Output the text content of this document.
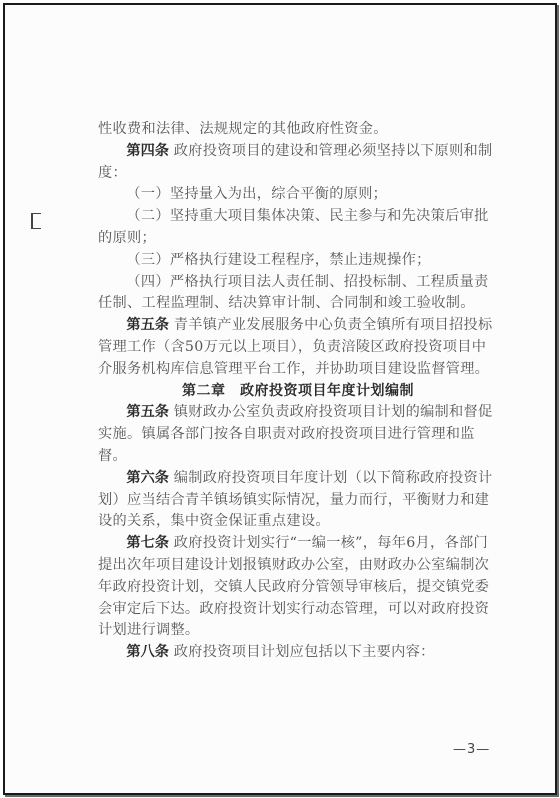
性收费和法律、法规规定的其他政府性资金。

第四条 政府投资项目的建设和管理必须坚持以下原则和制度：

（一）坚持量入为出，综合平衡的原则；

（二）坚持重大项目集体决策、民主参与和先决策后审批的原则；

（三）严格执行建设工程程序，禁止违规操作；

（四）严格执行项目法人责任制、招投标制、工程质量责任制、工程监理制、结决算审计制、合同制和竣工验收制。

第五条 青羊镇产业发展服务中心负责全镇所有项目招投标管理工作（含50万元以上项目），负责涪陵区政府投资项目中介服务机构库信息管理平台工作，并协助项目建设监督管理。

第二章　政府投资项目年度计划编制

第五条 镇财政办公室负责政府投资项目计划的编制和督促实施。镇属各部门按各自职责对政府投资项目进行管理和监督。

第六条 编制政府投资项目年度计划（以下简称政府投资计划）应当结合青羊镇场镇实际情况，量力而行，平衡财力和建设的关系，集中资金保证重点建设。

第七条 政府投资计划实行“一编一核”，每年6月，各部门提出次年项目建设计划报镇财政办公室，由财政办公室编制次年政府投资计划，交镇人民政府分管领导审核后，提交镇党委会审定后下达。政府投资计划实行动态管理，可以对政府投资计划进行调整。

第八条 政府投资项目计划应包括以下主要内容：

—3—
